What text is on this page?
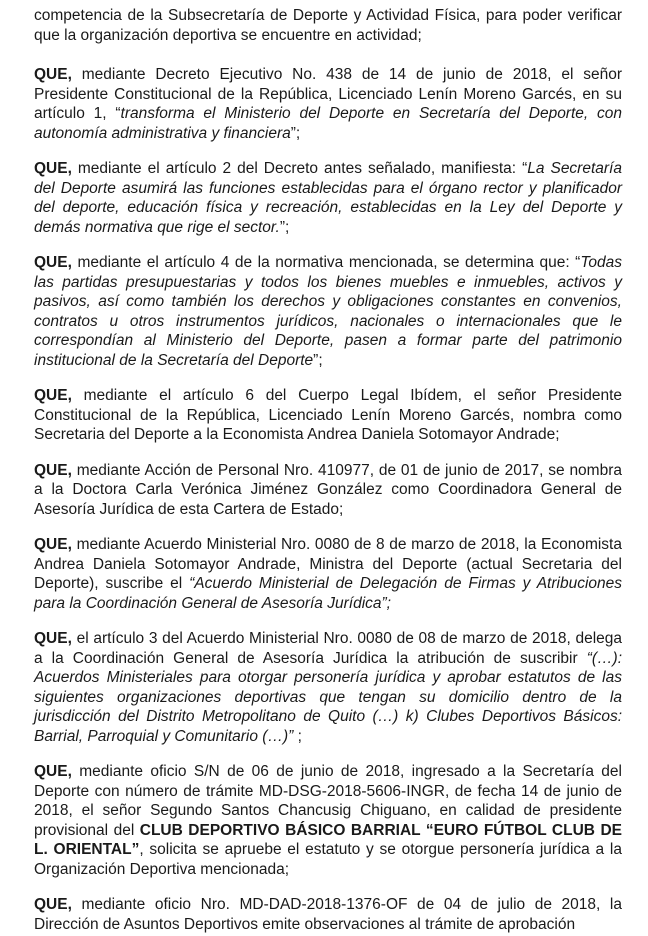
competencia de la Subsecretaría de Deporte y Actividad Física, para poder verificar que la organización deportiva se encuentre en actividad;

QUE, mediante Decreto Ejecutivo No. 438 de 14 de junio de 2018, el señor Presidente Constitucional de la República, Licenciado Lenín Moreno Garcés, en su artículo 1, “transforma el Ministerio del Deporte en Secretaría del Deporte, con autonomía administrativa y financiera”;

QUE, mediante el artículo 2 del Decreto antes señalado, manifiesta: “La Secretaría del Deporte asumirá las funciones establecidas para el órgano rector y planificador del deporte, educación física y recreación, establecidas en la Ley del Deporte y demás normativa que rige el sector.”;

QUE, mediante el artículo 4 de la normativa mencionada, se determina que: “Todas las partidas presupuestarias y todos los bienes muebles e inmuebles, activos y pasivos, así como también los derechos y obligaciones constantes en convenios, contratos u otros instrumentos jurídicos, nacionales o internacionales que le correspondían al Ministerio del Deporte, pasen a formar parte del patrimonio institucional de la Secretaría del Deporte”;

QUE, mediante el artículo 6 del Cuerpo Legal Ibídem, el señor Presidente Constitucional de la República, Licenciado Lenín Moreno Garcés, nombra como Secretaria del Deporte a la Economista Andrea Daniela Sotomayor Andrade;

QUE, mediante Acción de Personal Nro. 410977, de 01 de junio de 2017, se nombra a la Doctora Carla Verónica Jiménez González como Coordinadora General de Asesoría Jurídica de esta Cartera de Estado;

QUE, mediante Acuerdo Ministerial Nro. 0080 de 8 de marzo de 2018, la Economista Andrea Daniela Sotomayor Andrade, Ministra del Deporte (actual Secretaria del Deporte), suscribe el “Acuerdo Ministerial de Delegación de Firmas y Atribuciones para la Coordinación General de Asesoría Jurídica”;

QUE, el artículo 3 del Acuerdo Ministerial Nro. 0080 de 08 de marzo de 2018, delega a la Coordinación General de Asesoría Jurídica la atribución de suscribir “(…): Acuerdos Ministeriales para otorgar personería jurídica y aprobar estatutos de las siguientes organizaciones deportivas que tengan su domicilio dentro de la jurisdicción del Distrito Metropolitano de Quito (…) k) Clubes Deportivos Básicos: Barrial, Parroquial y Comunitario (…)” ;

QUE, mediante oficio S/N de 06 de junio de 2018, ingresado a la Secretaría del Deporte con número de trámite MD-DSG-2018-5606-INGR, de fecha 14 de junio de 2018, el señor Segundo Santos Chancusig Chiguano, en calidad de presidente provisional del CLUB DEPORTIVO BÁSICO BARRIAL “EURO FÚTBOL CLUB DE L. ORIENTAL”, solicita se apruebe el estatuto y se otorgue personería jurídica a la Organización Deportiva mencionada;

QUE, mediante oficio Nro. MD-DAD-2018-1376-OF de 04 de julio de 2018, la Dirección de Asuntos Deportivos emite observaciones al trámite de aprobación
